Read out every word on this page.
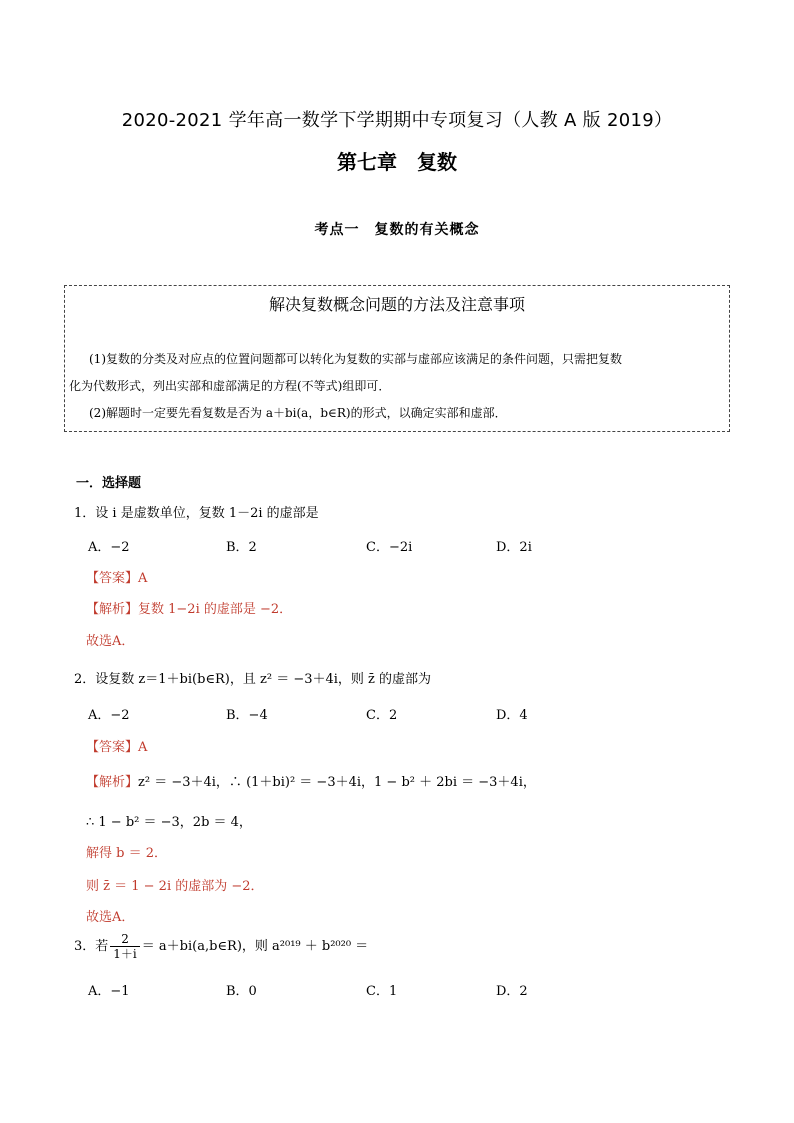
2020-2021 学年高一数学下学期期中专项复习（人教 A 版 2019）
第七章　复数
考点一　复数的有关概念
解决复数概念问题的方法及注意事项
(1)复数的分类及对应点的位置问题都可以转化为复数的实部与虚部应该满足的条件问题，只需把复数
化为代数形式，列出实部和虚部满足的方程(不等式)组即可．
(2)解题时一定要先看复数是否为 a＋bi(a，b∈R)的形式，以确定实部和虚部．
一．选择题
1．设 i 是虚数单位，复数 1－2i 的虚部是
A．−2	B．2	C．−2i	D．2i
【答案】A
【解析】复数 1−2i 的虚部是 −2．
故选A．
2．设复数 z＝1＋bi(b∈R)，且 z² ＝ −3＋4i，则 z̄ 的虚部为
A．−2	B．−4	C．2	D．4
【答案】A
【解析】z² ＝ −3＋4i，∴ (1＋bi)² ＝ −3＋4i，1 − b² ＋ 2bi ＝ −3＋4i，
∴ 1 − b² ＝ −3，2b ＝ 4，
解得 b ＝ 2．
则 z̄ ＝ 1 − 2i 的虚部为 −2．
故选A．
3．若 $\frac{2}{1+i}$ ＝ a＋bi(a,b∈R)，则 a²⁰¹⁹ ＋ b²⁰²⁰ ＝
A．−1	B．0	C．1	D．2
